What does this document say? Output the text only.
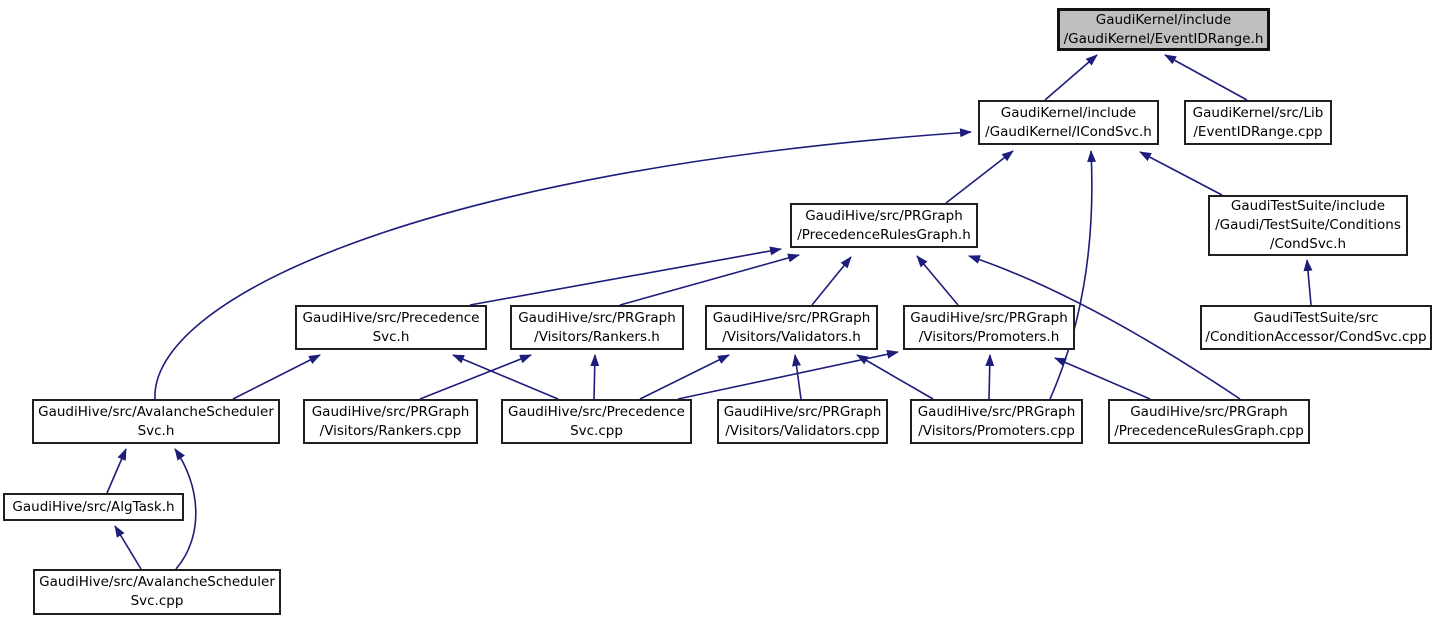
GaudiKernel/include
/GaudiKernel/EventIDRange.h
GaudiKernel/include
/GaudiKernel/ICondSvc.h
GaudiKernel/src/Lib
/EventIDRange.cpp
GaudiHive/src/PRGraph
/PrecedenceRulesGraph.h
GaudiTestSuite/include
/Gaudi/TestSuite/Conditions
/CondSvc.h
GaudiTestSuite/src
/ConditionAccessor/CondSvc.cpp
GaudiHive/src/Precedence
Svc.h
GaudiHive/src/PRGraph
/Visitors/Rankers.h
GaudiHive/src/PRGraph
/Visitors/Validators.h
GaudiHive/src/PRGraph
/Visitors/Promoters.h
GaudiHive/src/AvalancheScheduler
Svc.h
GaudiHive/src/PRGraph
/Visitors/Rankers.cpp
GaudiHive/src/Precedence
Svc.cpp
GaudiHive/src/PRGraph
/Visitors/Validators.cpp
GaudiHive/src/PRGraph
/Visitors/Promoters.cpp
GaudiHive/src/PRGraph
/PrecedenceRulesGraph.cpp
GaudiHive/src/AlgTask.h
GaudiHive/src/AvalancheScheduler
Svc.cpp
